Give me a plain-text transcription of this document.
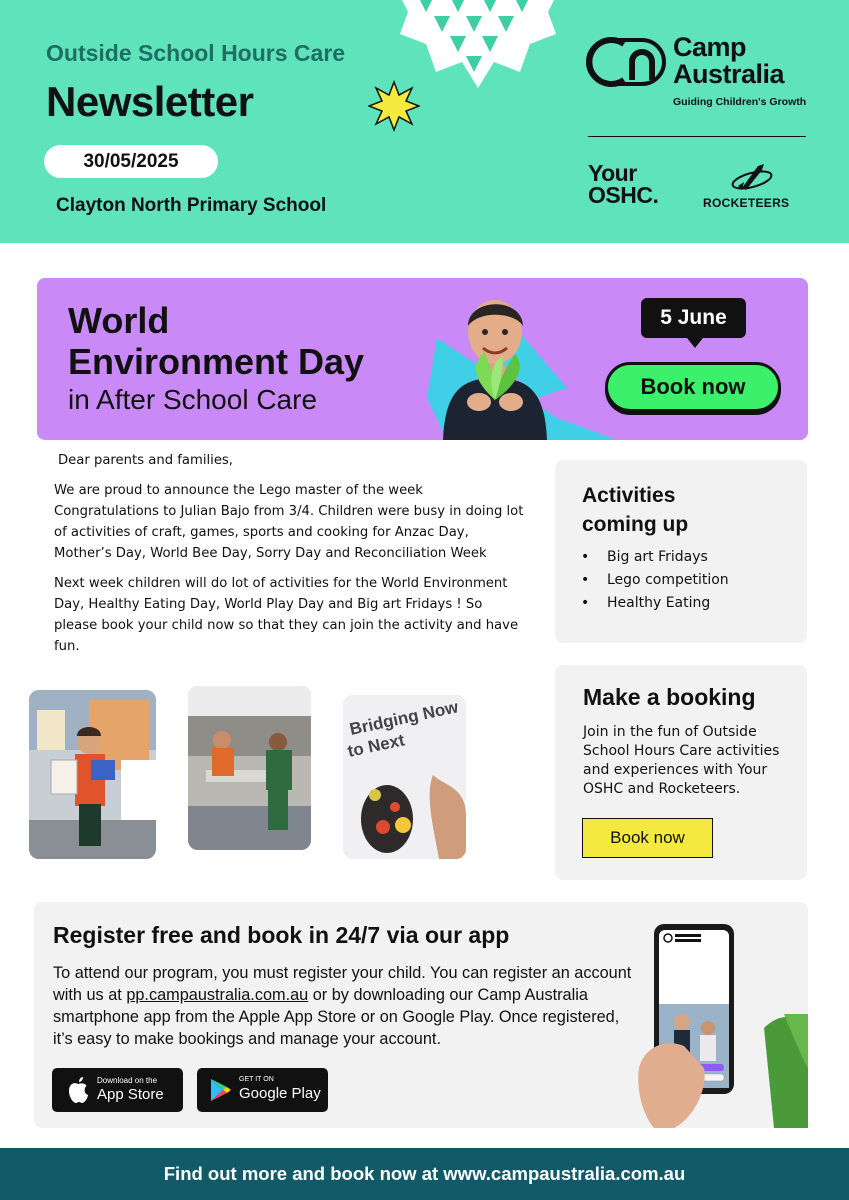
Outside School Hours Care
Newsletter
30/05/2025
Clayton North Primary School
Camp
Australia
Guiding Children's Growth
Your
OSHC.	ROCKETEERS
World
Environment Day
in After School Care
5 June
Book now

Dear parents and families,

We are proud to announce the Lego master of the week Congratulations to Julian Bajo from 3/4. Children were busy in doing lot of activities of craft, games, sports and cooking for Anzac Day, Mother’s Day, World Bee Day, Sorry Day and Reconciliation Week

Next week children will do lot of activities for the World Environment Day, Healthy Eating Day, World Play Day and Big art Fridays ! So please book your child now so that they can join the activity and have fun.

Activities coming up
• Big art Fridays
• Lego competition
• Healthy Eating
Bridging Now
to Next
Make a booking
Join in the fun of Outside School Hours Care activities and experiences with Your OSHC and Rocketeers.
Book now
Register free and book in 24/7 via our app
To attend our program, you must register your child. You can register an account with us at pp.campaustralia.com.au or by downloading our Camp Australia smartphone app from the Apple App Store or on Google Play. Once registered, it’s easy to make bookings and manage your account.
Download on the
App Store
GET IT ON
Google Play
Find out more and book now at www.campaustralia.com.au
